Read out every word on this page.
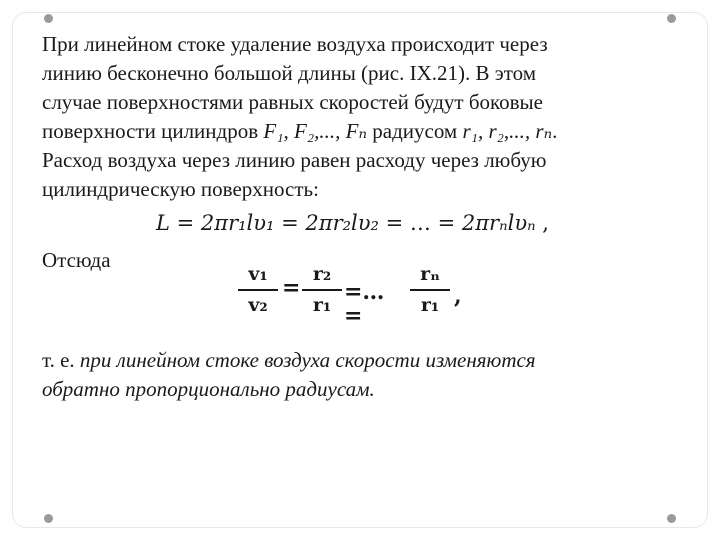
При линейном стоке удаление воздуха происходит через

линию бесконечно большой длины (рис. IX.21). В этом

случае поверхностями равных скоростей будут боковые

поверхности цилиндров F₁, F₂,..., Fₙ радиусом r₁, r₂,..., rₙ.

Расход воздуха через линию равен расходу через любую

цилиндрическую поверхность:

L = 2πr₁lυ₁ = 2πr₂lυ₂ = … = 2πrₙlυₙ ,
Отсюда
v₁
v₂
=
r₂
r₁ =…=
rₙ
r₁ ,

т. е. при линейном стоке воздуха скорости изменяются

обратно пропорционально радиусам.
